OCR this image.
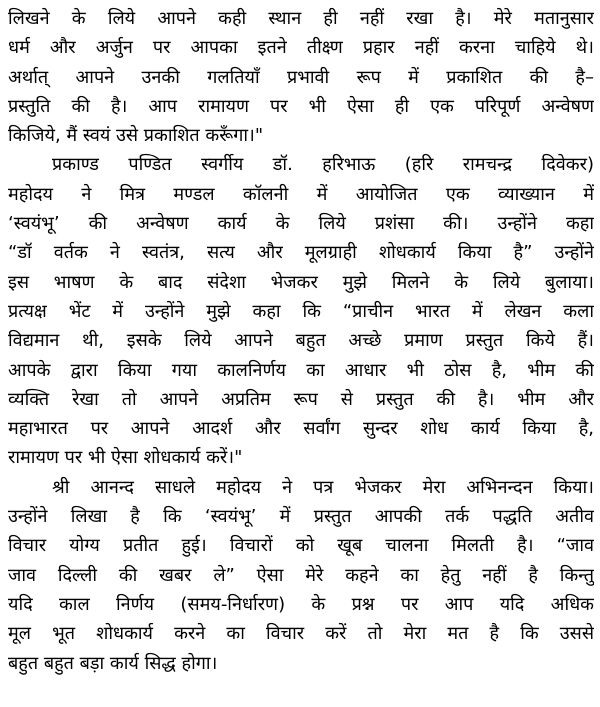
लिखने के लिये आपने कही स्थान ही नहीं रखा है। मेरे मतानुसार
धर्म और अर्जुन पर आपका इतने तीक्ष्ण प्रहार नहीं करना चाहिये थे।
अर्थात् आपने उनकी गलतियाँ प्रभावी रूप में प्रकाशित की है–
प्रस्तुति की है। आप रामायण पर भी ऐसा ही एक परिपूर्ण अन्वेषण
किजिये, मैं स्वयं उसे प्रकाशित करूँगा।"
प्रकाण्ड पण्डित स्वर्गीय डॉ. हरिभाऊ (हरि रामचन्द्र दिवेकर)
महोदय ने मित्र मण्डल कॉलनी में आयोजित एक व्याख्यान में
‘स्वयंभू’ की अन्वेषण कार्य के लिये प्रशंसा की। उन्होंने कहा
“डॉ वर्तक ने स्वतंत्र, सत्य और मूलग्राही शोधकार्य किया है” उन्होंने
इस भाषण के बाद संदेशा भेजकर मुझे मिलने के लिये बुलाया।
प्रत्यक्ष भेंट में उन्होंने मुझे कहा कि “प्राचीन भारत में लेखन कला
विद्यमान थी, इसके लिये आपने बहुत अच्छे प्रमाण प्रस्तुत किये हैं।
आपके द्वारा किया गया कालनिर्णय का आधार भी ठोस है, भीम की
व्यक्ति रेखा तो आपने अप्रतिम रूप से प्रस्तुत की है। भीम और
महाभारत पर आपने आदर्श और सर्वांग सुन्दर शोध कार्य किया है,
रामायण पर भी ऐसा शोधकार्य करें।"
श्री आनन्द साधले महोदय ने पत्र भेजकर मेरा अभिनन्दन किया।
उन्होंने लिखा है कि ‘स्वयंभू’ में प्रस्तुत आपकी तर्क पद्धति अतीव
विचार योग्य प्रतीत हुई। विचारों को खूब चालना मिलती है। “जाव
जाव दिल्ली की खबर ले” ऐसा मेरे कहने का हेतु नहीं है किन्तु
यदि काल निर्णय (समय-निर्धारण) के प्रश्न पर आप यदि अधिक
मूल भूत शोधकार्य करने का विचार करें तो मेरा मत है कि उससे
बहुत बहुत बड़ा कार्य सिद्ध होगा।
